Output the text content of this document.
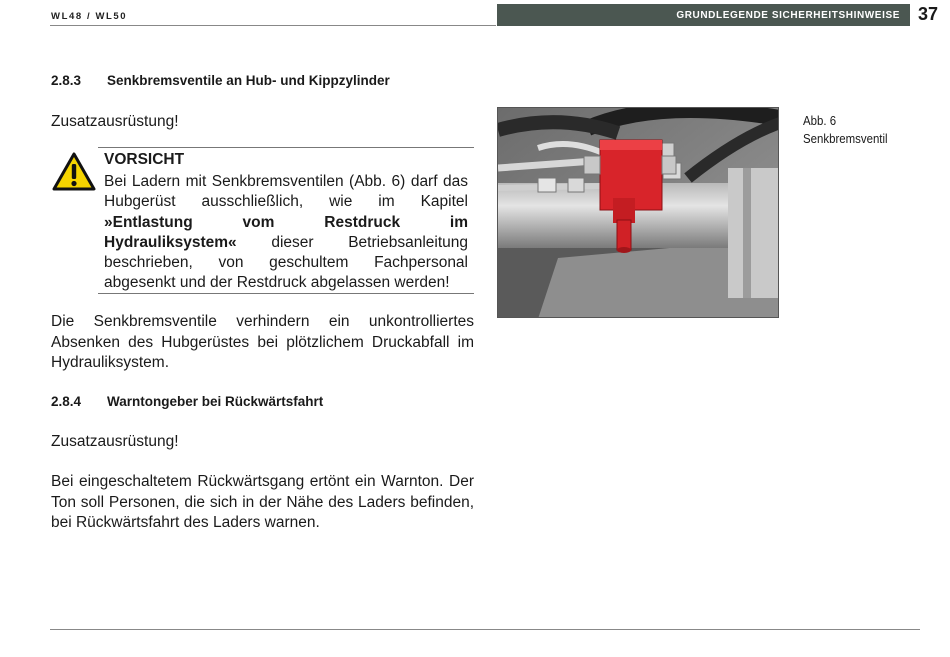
WL48 / WL50	GRUNDLEGENDE SICHERHEITSHINWEISE 37
2.8.3 Senkbremsventile an Hub- und Kippzylinder

Zusatzausrüstung!

VORSICHT

Bei Ladern mit Senkbremsventilen (Abb. 6) darf das Hubgerüst ausschließlich, wie im Kapitel »Entlastung vom Restdruck im Hydrauliksystem« dieser Betriebsanleitung beschrieben, von geschultem Fachpersonal abgesenkt und der Restdruck abgelassen werden!

Die Senkbremsventile verhindern ein unkontrolliertes Absenken des Hubgerüstes bei plötzlichem Druckabfall im Hydrauliksystem.

2.8.4 Warntongeber bei Rückwärtsfahrt

Zusatzausrüstung!

Bei eingeschaltetem Rückwärtsgang ertönt ein Warnton. Der Ton soll Personen, die sich in der Nähe des Laders befinden, bei Rückwärtsfahrt des Laders warnen.

Abb. 6
Senkbremsventil
